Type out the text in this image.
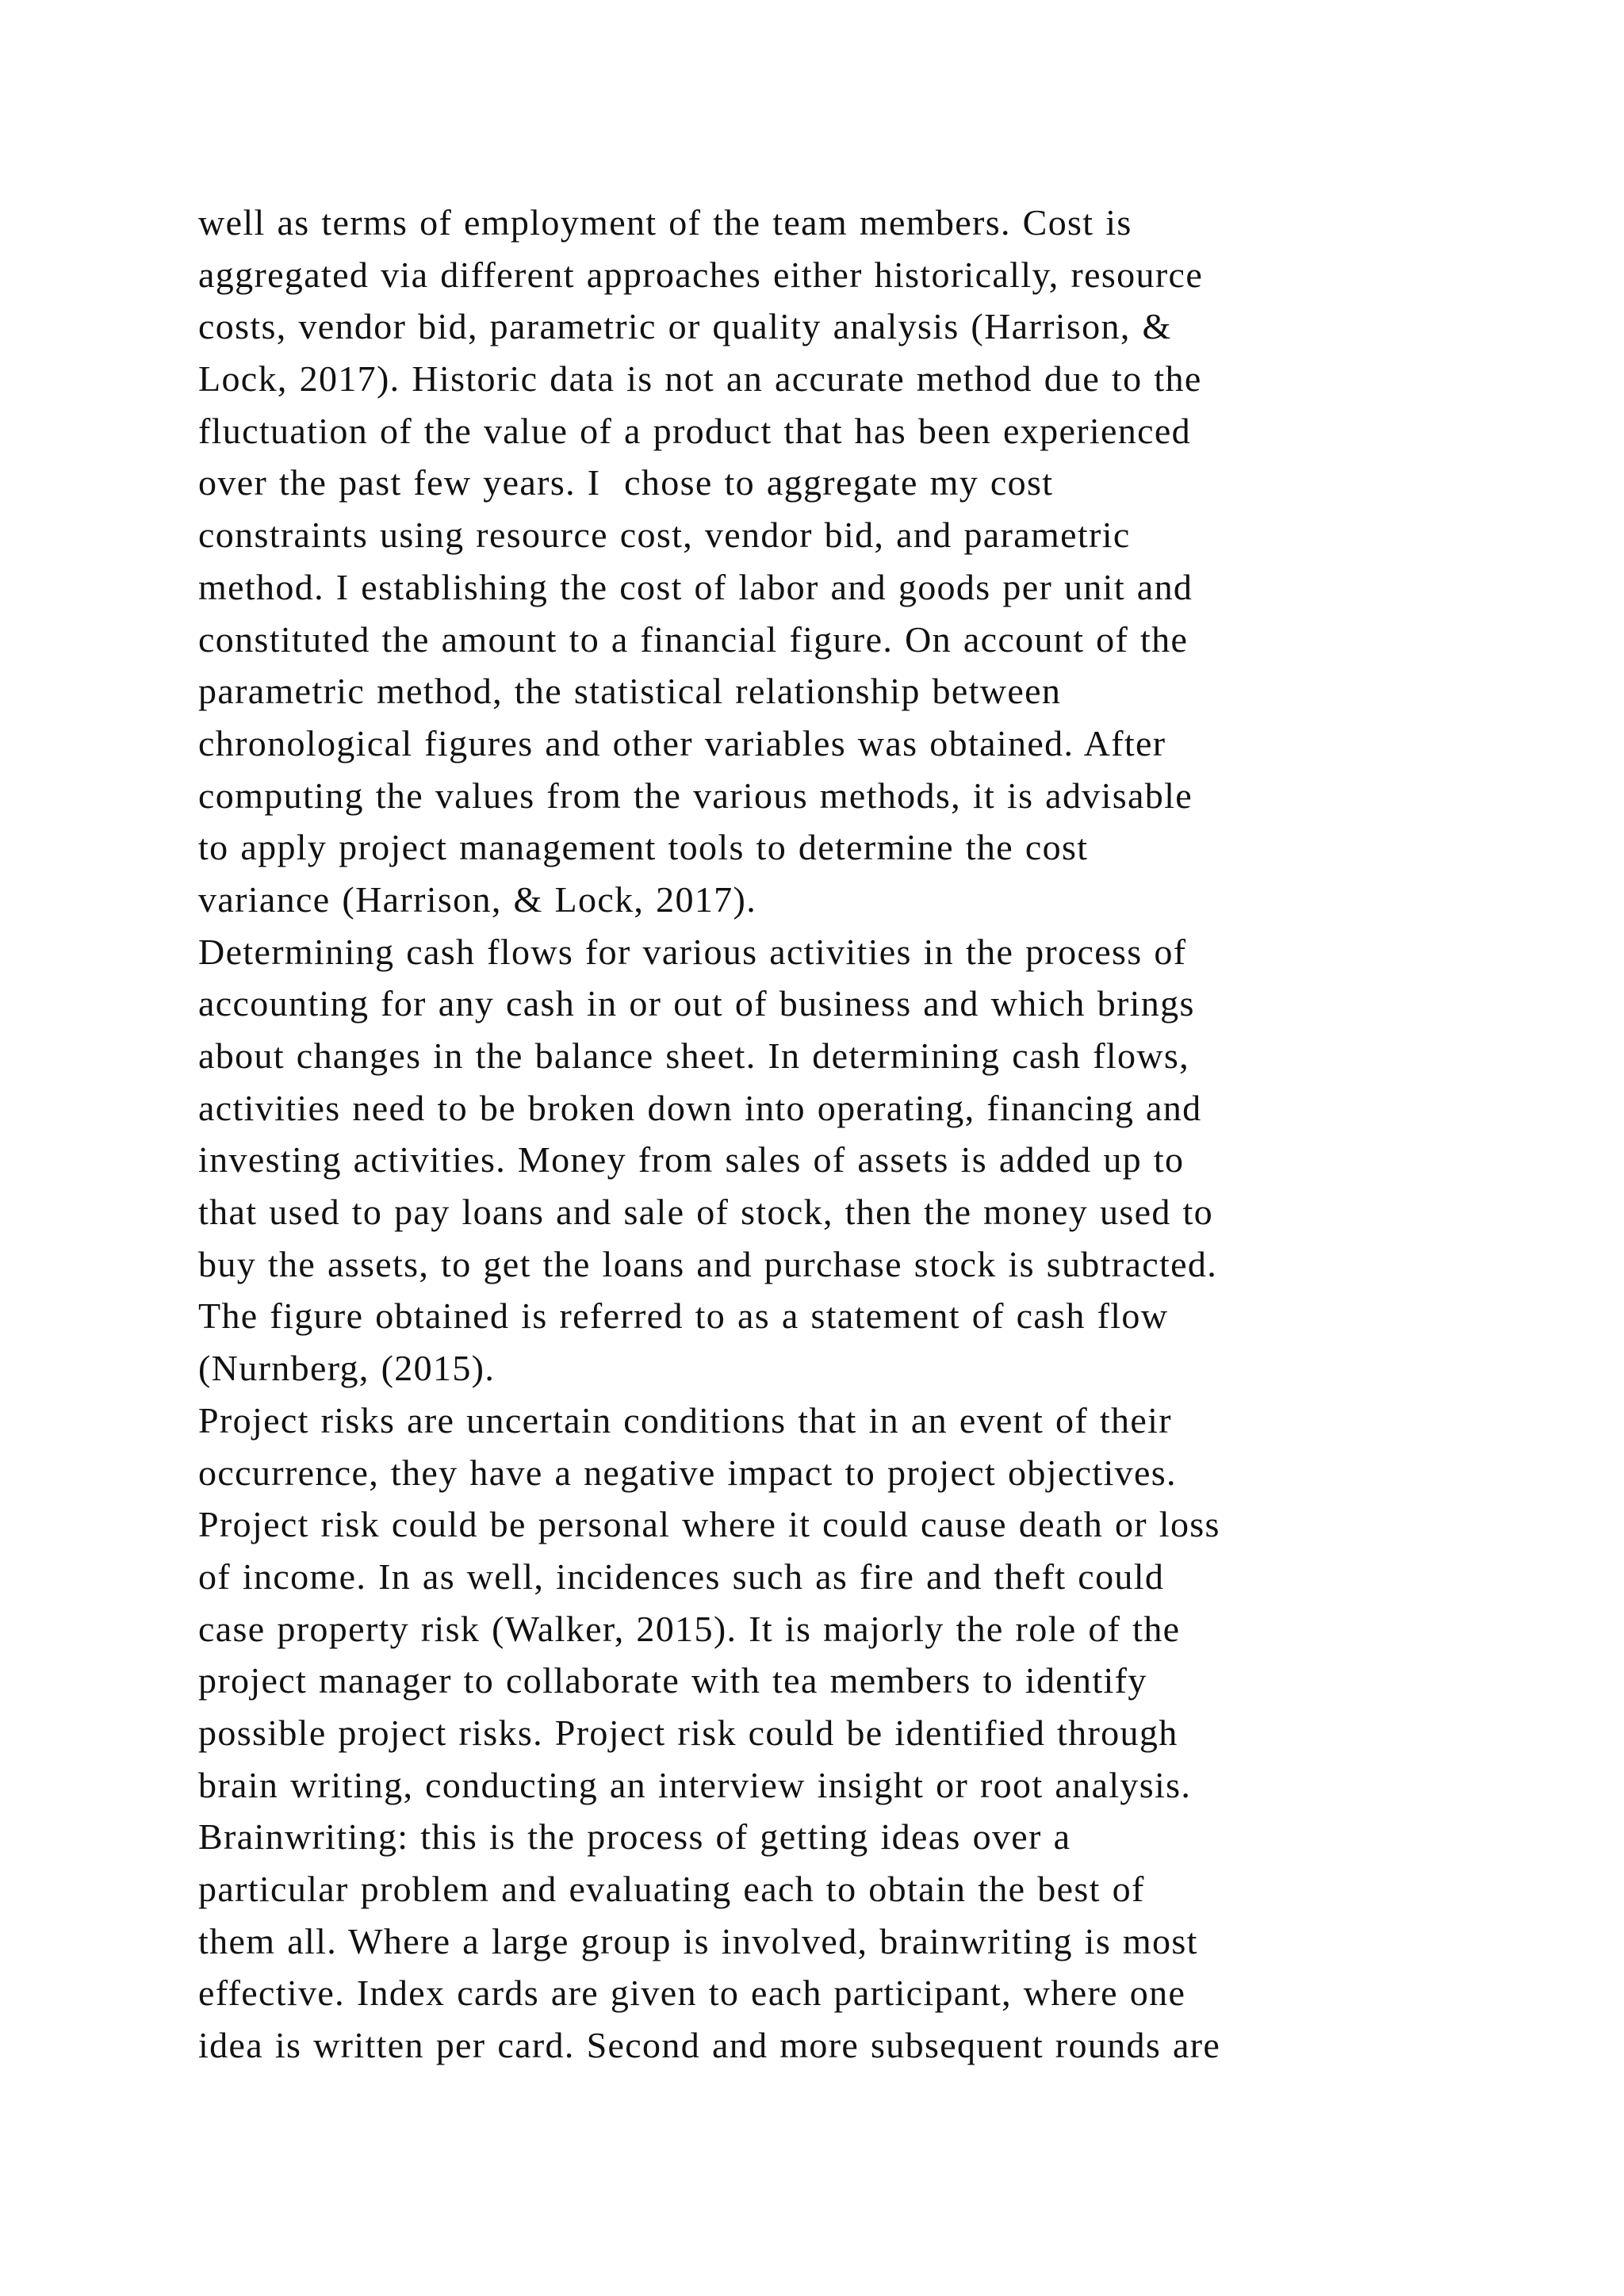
well as terms of employment of the team members. Cost is
aggregated via different approaches either historically, resource
costs, vendor bid, parametric or quality analysis (Harrison, &
Lock, 2017). Historic data is not an accurate method due to the
fluctuation of the value of a product that has been experienced
over the past few years. I  chose to aggregate my cost
constraints using resource cost, vendor bid, and parametric
method. I establishing the cost of labor and goods per unit and
constituted the amount to a financial figure. On account of the
parametric method, the statistical relationship between
chronological figures and other variables was obtained. After
computing the values from the various methods, it is advisable
to apply project management tools to determine the cost
variance (Harrison, & Lock, 2017).
Determining cash flows for various activities in the process of
accounting for any cash in or out of business and which brings
about changes in the balance sheet. In determining cash flows,
activities need to be broken down into operating, financing and
investing activities. Money from sales of assets is added up to
that used to pay loans and sale of stock, then the money used to
buy the assets, to get the loans and purchase stock is subtracted.
The figure obtained is referred to as a statement of cash flow
(Nurnberg, (2015).
Project risks are uncertain conditions that in an event of their
occurrence, they have a negative impact to project objectives.
Project risk could be personal where it could cause death or loss
of income. In as well, incidences such as fire and theft could
case property risk (Walker, 2015). It is majorly the role of the
project manager to collaborate with tea members to identify
possible project risks. Project risk could be identified through
brain writing, conducting an interview insight or root analysis.
Brainwriting: this is the process of getting ideas over a
particular problem and evaluating each to obtain the best of
them all. Where a large group is involved, brainwriting is most
effective. Index cards are given to each participant, where one
idea is written per card. Second and more subsequent rounds are
